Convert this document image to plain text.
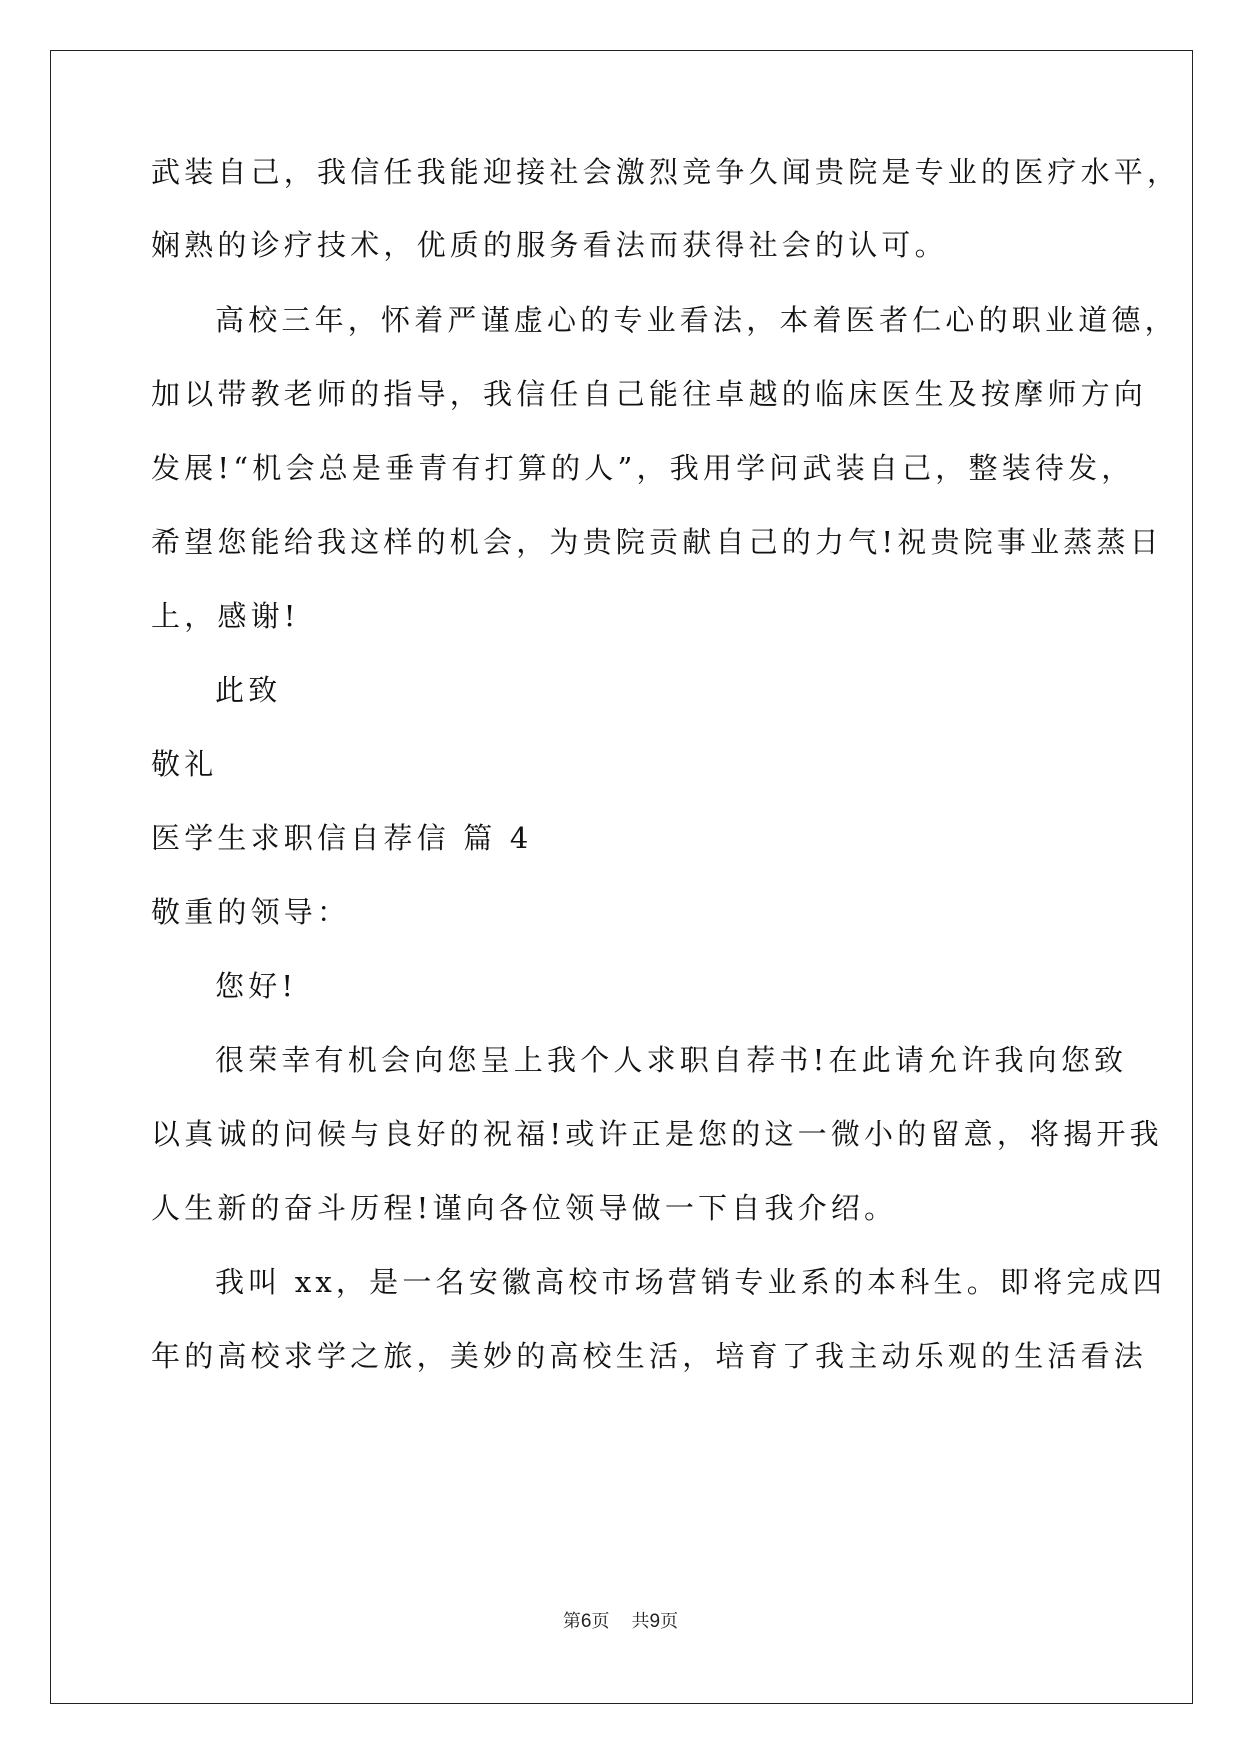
武装自己，我信任我能迎接社会激烈竞争久闻贵院是专业的医疗水平，
娴熟的诊疗技术，优质的服务看法而获得社会的认可。
高校三年，怀着严谨虚心的专业看法，本着医者仁心的职业道德，
加以带教老师的指导，我信任自己能往卓越的临床医生及按摩师方向
发展!“机会总是垂青有打算的人”，我用学问武装自己，整装待发，
希望您能给我这样的机会，为贵院贡献自己的力气!祝贵院事业蒸蒸日
上，感谢!
此致
敬礼
医学生求职信自荐信 篇 4
敬重的领导：
您好!
很荣幸有机会向您呈上我个人求职自荐书!在此请允许我向您致
以真诚的问候与良好的祝福!或许正是您的这一微小的留意，将揭开我
人生新的奋斗历程!谨向各位领导做一下自我介绍。
我叫 xx，是一名安徽高校市场营销专业系的本科生。即将完成四
年的高校求学之旅，美妙的高校生活，培育了我主动乐观的生活看法
第6页 共9页
